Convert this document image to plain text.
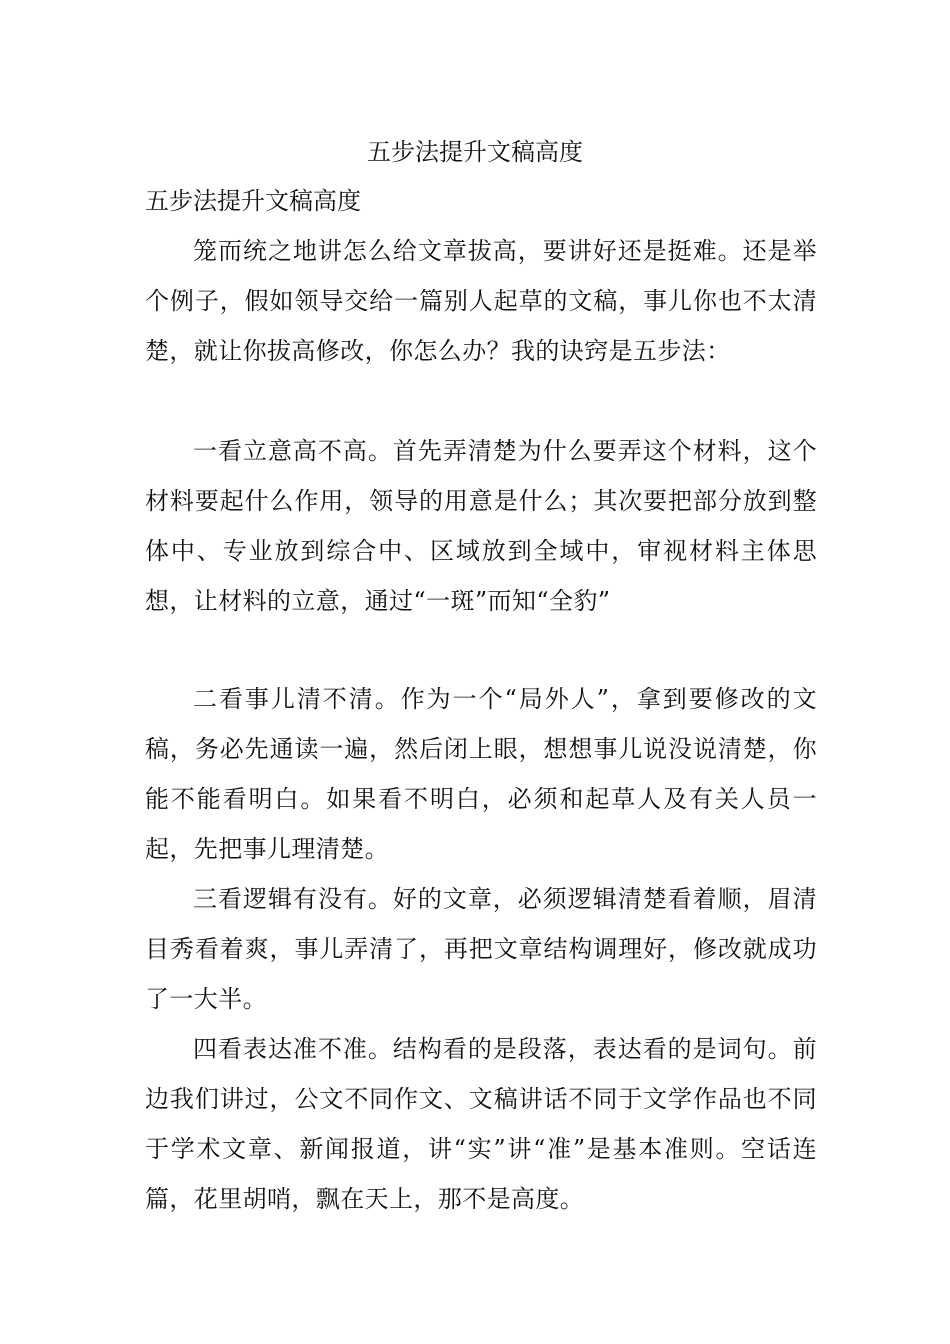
五步法提升文稿高度
五步法提升文稿高度

笼而统之地讲怎么给文章拔高，要讲好还是挺难。还是举个例子，假如领导交给一篇别人起草的文稿，事儿你也不太清楚，就让你拔高修改，你怎么办？我的诀窍是五步法：

一看立意高不高。首先弄清楚为什么要弄这个材料，这个材料要起什么作用，领导的用意是什么；其次要把部分放到整体中、专业放到综合中、区域放到全域中，审视材料主体思想，让材料的立意，通过“一斑”而知“全豹”

二看事儿清不清。作为一个“局外人”，拿到要修改的文稿，务必先通读一遍，然后闭上眼，想想事儿说没说清楚，你能不能看明白。如果看不明白，必须和起草人及有关人员一起，先把事儿理清楚。

三看逻辑有没有。好的文章，必须逻辑清楚看着顺，眉清目秀看着爽，事儿弄清了，再把文章结构调理好，修改就成功了一大半。

四看表达准不准。结构看的是段落，表达看的是词句。前边我们讲过，公文不同作文、文稿讲话不同于文学作品也不同于学术文章、新闻报道，讲“实”讲“准”是基本准则。空话连篇，花里胡哨，飘在天上，那不是高度。
